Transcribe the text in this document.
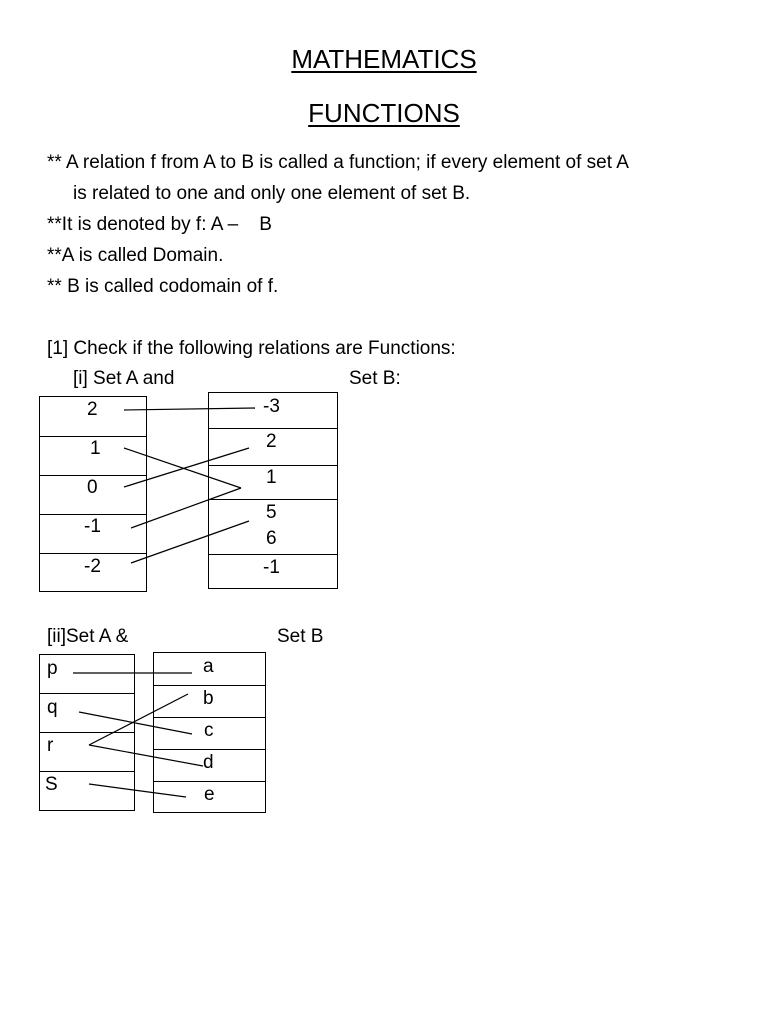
MATHEMATICS
FUNCTIONS
** A relation f from A to B is called a function; if every element of set A
is related to one and only one element of set B.
**It is denoted by f: A –    B
**A is called Domain.
** B is called codomain of f.
[1] Check if the following relations are Functions:
[i] Set A and	Set B:
2
1
0
-1
-2
-3
2
1
5
6
-1
[ii]Set A &	Set B
p
q
r
S
a
b
c
d
e
